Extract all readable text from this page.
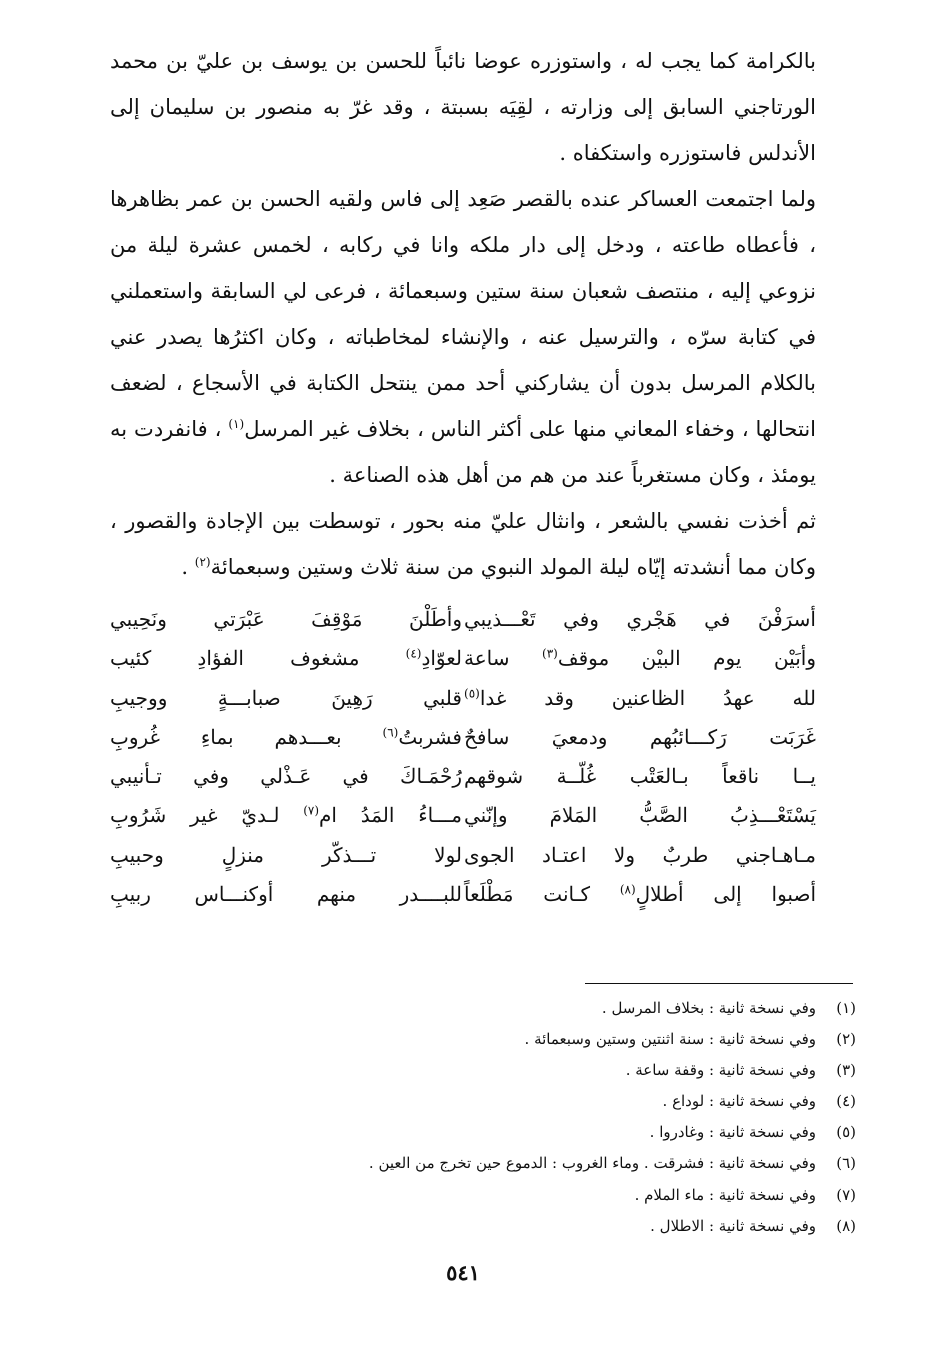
بالكرامة كما يجب له ، واستوزره عوضا نائباً للحسن بن يوسف بن عليّ بن محمد الورتاجني السابق إلى وزارته ، لقِيَه بسبتة ، وقد غرّ به منصور بن سليمان إلى الأندلس فاستوزره واستكفاه .

ولما اجتمعت العساكر عنده بالقصر صَعِد إلى فاس ولقيه الحسن بن عمر بظاهرها ، فأعطاه طاعته ، ودخل إلى دار ملكه وانا في ركابه ، لخمس عشرة ليلة من نزوعي إليه ، منتصف شعبان سنة ستين وسبعمائة ، فرعى لي السابقة واستعملني في كتابة سرّه ، والترسيل عنه ، والإنشاء لمخاطباته ، وكان اكثرُها يصدر عني بالكلام المرسل بدون أن يشاركني أحد ممن ينتحل الكتابة في الأسجاع ، لضعف انتحالها ، وخفاء المعاني منها على أكثر الناس ، بخلاف غير المرسل$^{(١)}$ ، فانفردت به يومئذ ، وكان مستغرباً عند من هم من أهل هذه الصناعة .

ثم أخذت نفسي بالشعر ، وانثال عليّ منه بحور ، توسطت بين الإجادة والقصور ، وكان مما أنشدته إيّاه ليلة المولد النبوي من سنة ثلاث وستين وسبعمائة$^{(٢)}$ .

أسرَفْنَ في هَجْري وفي تَعْـــذيبي
وأبَيْن يوم البيْن موقف$^{(٣)}$ ساعة
لله عهدُ الظاعنين وقد غدا$^{(٥)}$
غَرَبَت رَكـــائبُهم ودمعيَ سافحٌ
يــا ناقعاً بـالعَتْب غُلّــة شوقهم
يَسْتَعْـــذِبُ الصَّبُّ المَلامَ وإنّني
مـاهـاجني طربٌ ولا اعتـاد الجوى
أصبوا إلى أطلالٍ$^{(٨)}$ كـانت مَطْلَعاً
وأطَلْنَ مَوْقِفَ عَبْرَتي ونَحِيبي
لعوّادِ$^{(٤)}$ مشغوف الفؤادِ كئيب
قلبي رَهِينَ صبابـــةٍ ووجيبِ
فشربتُ$^{(٦)}$ بعـــدهم بماءِ غُروبِ
رُحْمَـاكَ في عَـذْلي وفي تـأنيبي
مـــاءُ المَدُ ام$^{(٧)}$ لـديّ غير شَرُوبِ
لولا تـــذكّر منزلٍ وحبيبِ
للبــــدر منهم أوكنـــاس ربيبِ
(١)
وفي نسخة ثانية : بخلاف المرسل .
(٢)
وفي نسخة ثانية : سنة اثنتين وستين وسبعمائة .
(٣)
وفي نسخة ثانية : وقفة ساعة .
(٤)
وفي نسخة ثانية : لوداع .
(٥)
وفي نسخة ثانية : وغادروا .
(٦)
وفي نسخة ثانية : فشرقت . وماء الغروب : الدموع حين تخرج من العين .
(٧)
وفي نسخة ثانية : ماء الملام .
(٨)
وفي نسخة ثانية : الاطلال .
٥٤١
